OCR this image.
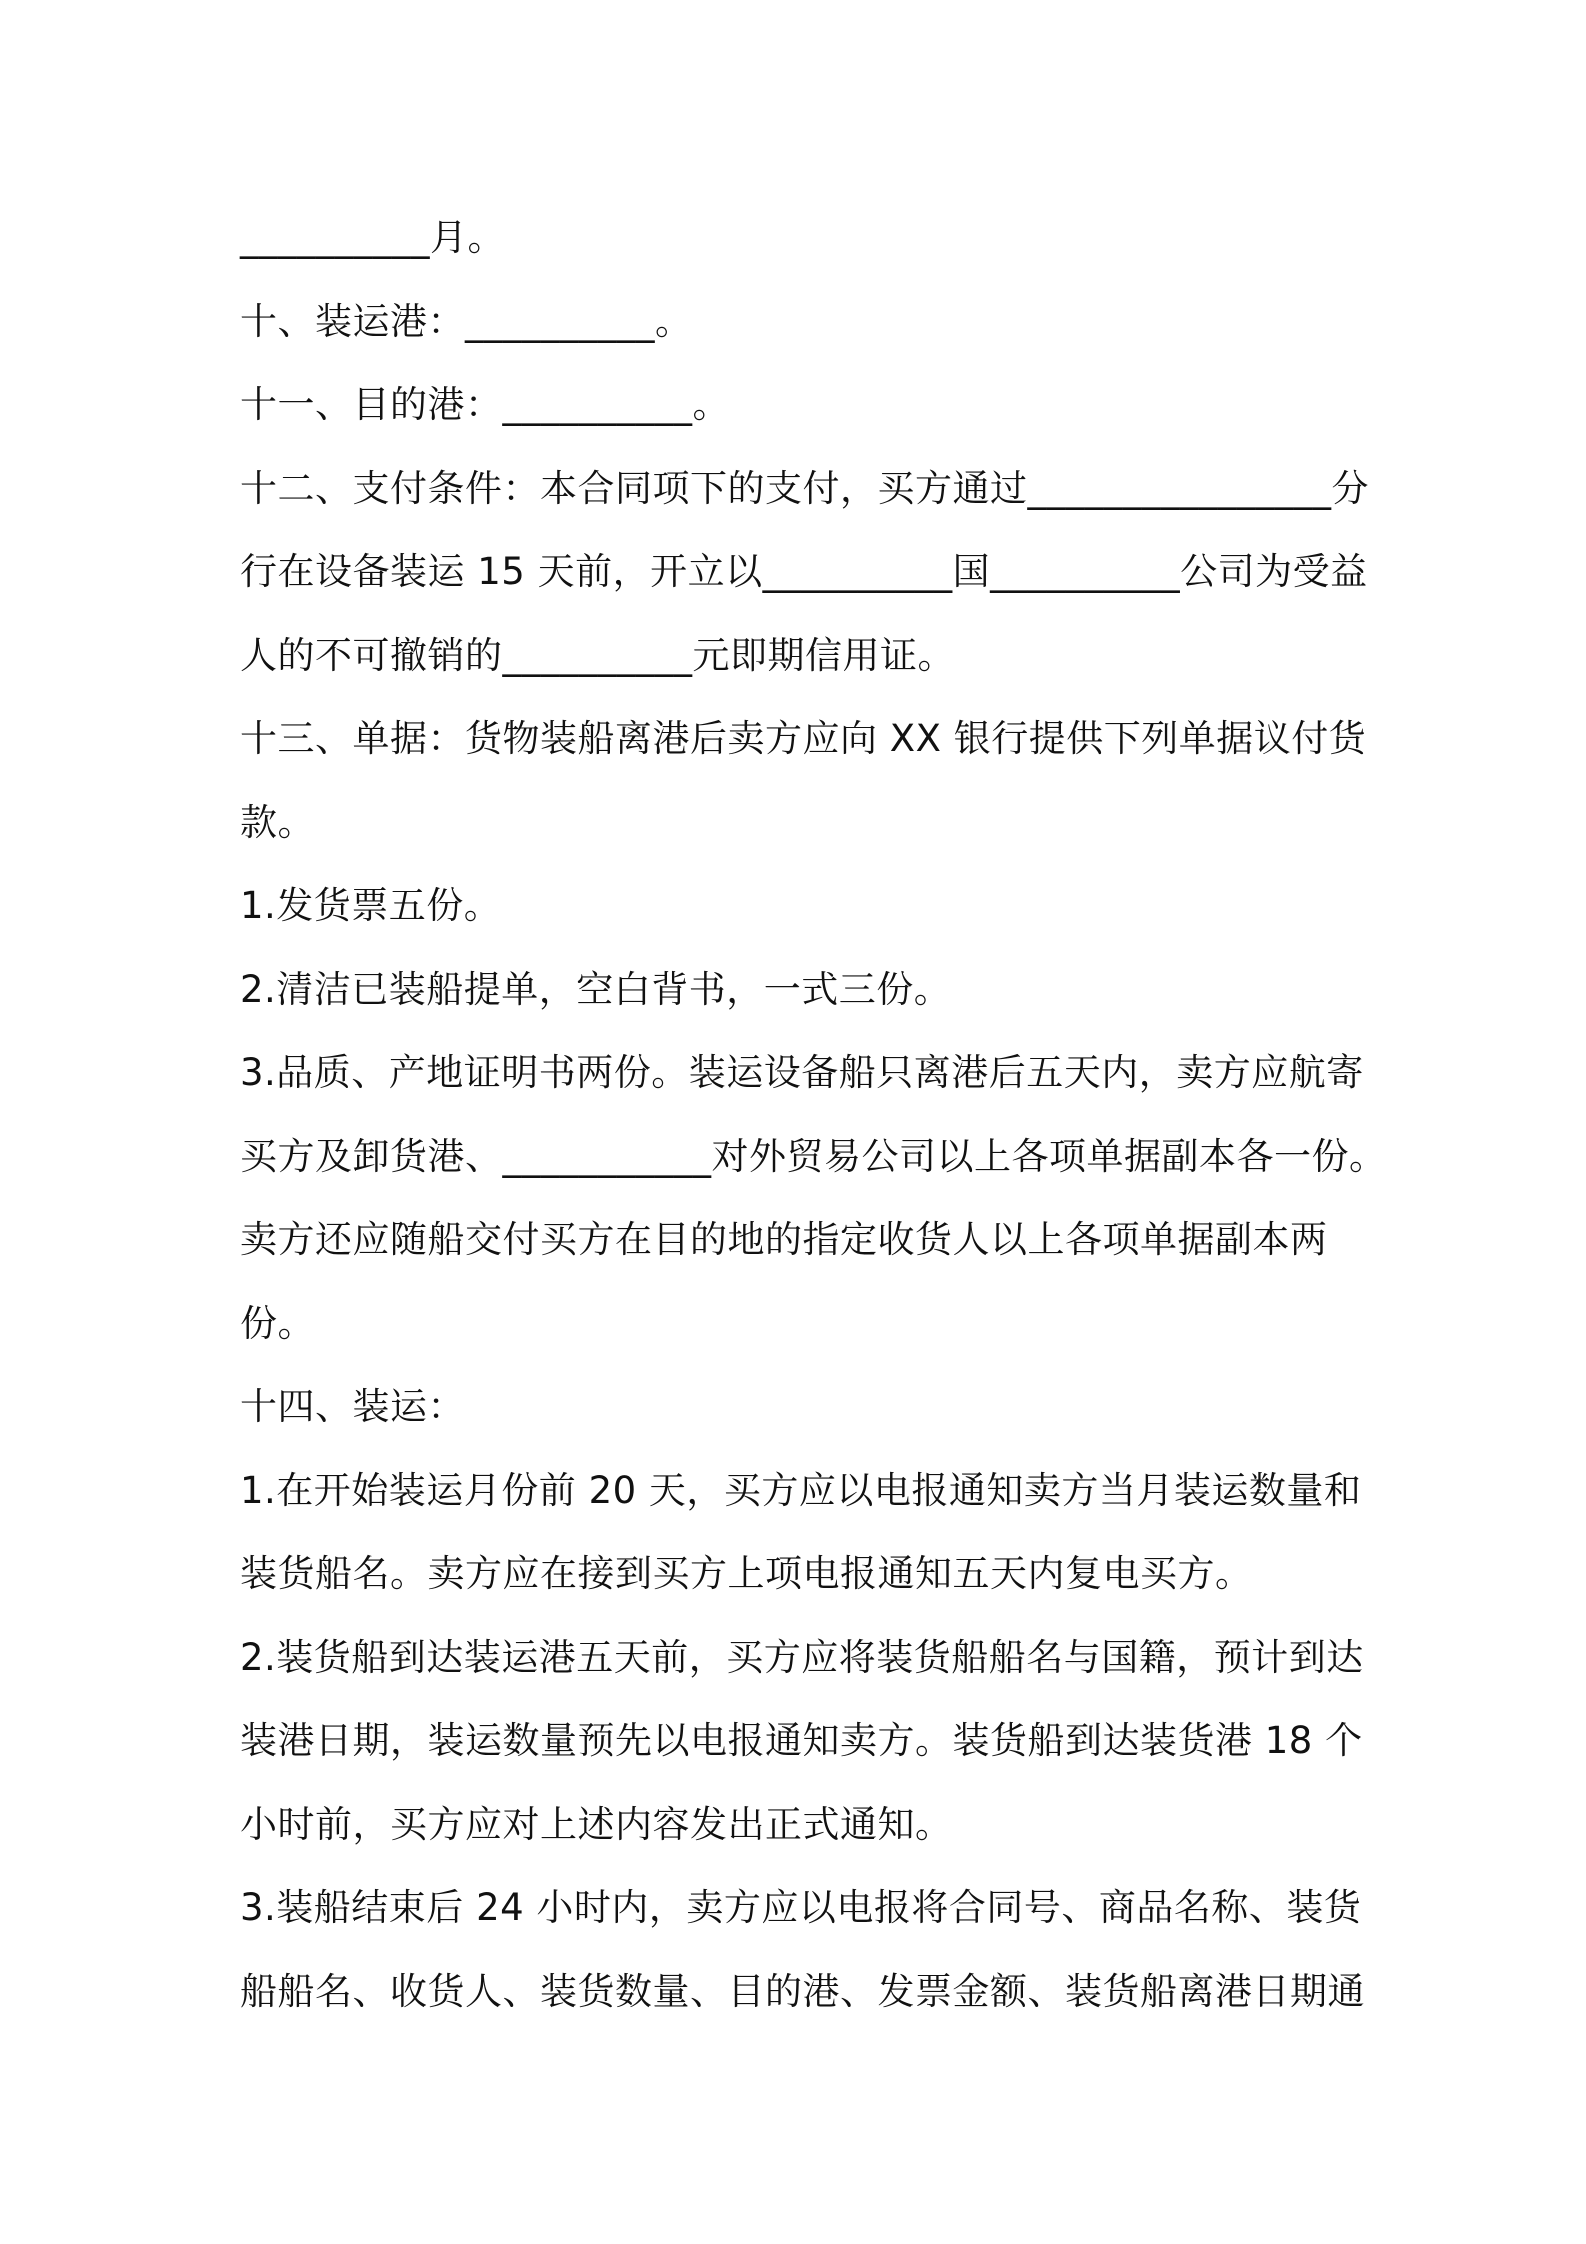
__________月。
十、装运港：__________。
十一、目的港：__________。
十二、支付条件：本合同项下的支付，买方通过________________分
行在设备装运 15 天前，开立以__________国__________公司为受益
人的不可撤销的__________元即期信用证。
十三、单据：货物装船离港后卖方应向 XX 银行提供下列单据议付货
款。
1.发货票五份。
2.清洁已装船提单，空白背书，一式三份。
3.品质、产地证明书两份。装运设备船只离港后五天内，卖方应航寄
买方及卸货港、___________对外贸易公司以上各项单据副本各一份。
卖方还应随船交付买方在目的地的指定收货人以上各项单据副本两
份。
十四、装运：
1.在开始装运月份前 20 天，买方应以电报通知卖方当月装运数量和
装货船名。卖方应在接到买方上项电报通知五天内复电买方。
2.装货船到达装运港五天前，买方应将装货船船名与国籍，预计到达
装港日期，装运数量预先以电报通知卖方。装货船到达装货港 18 个
小时前，买方应对上述内容发出正式通知。
3.装船结束后 24 小时内，卖方应以电报将合同号、商品名称、装货
船船名、收货人、装货数量、目的港、发票金额、装货船离港日期通
